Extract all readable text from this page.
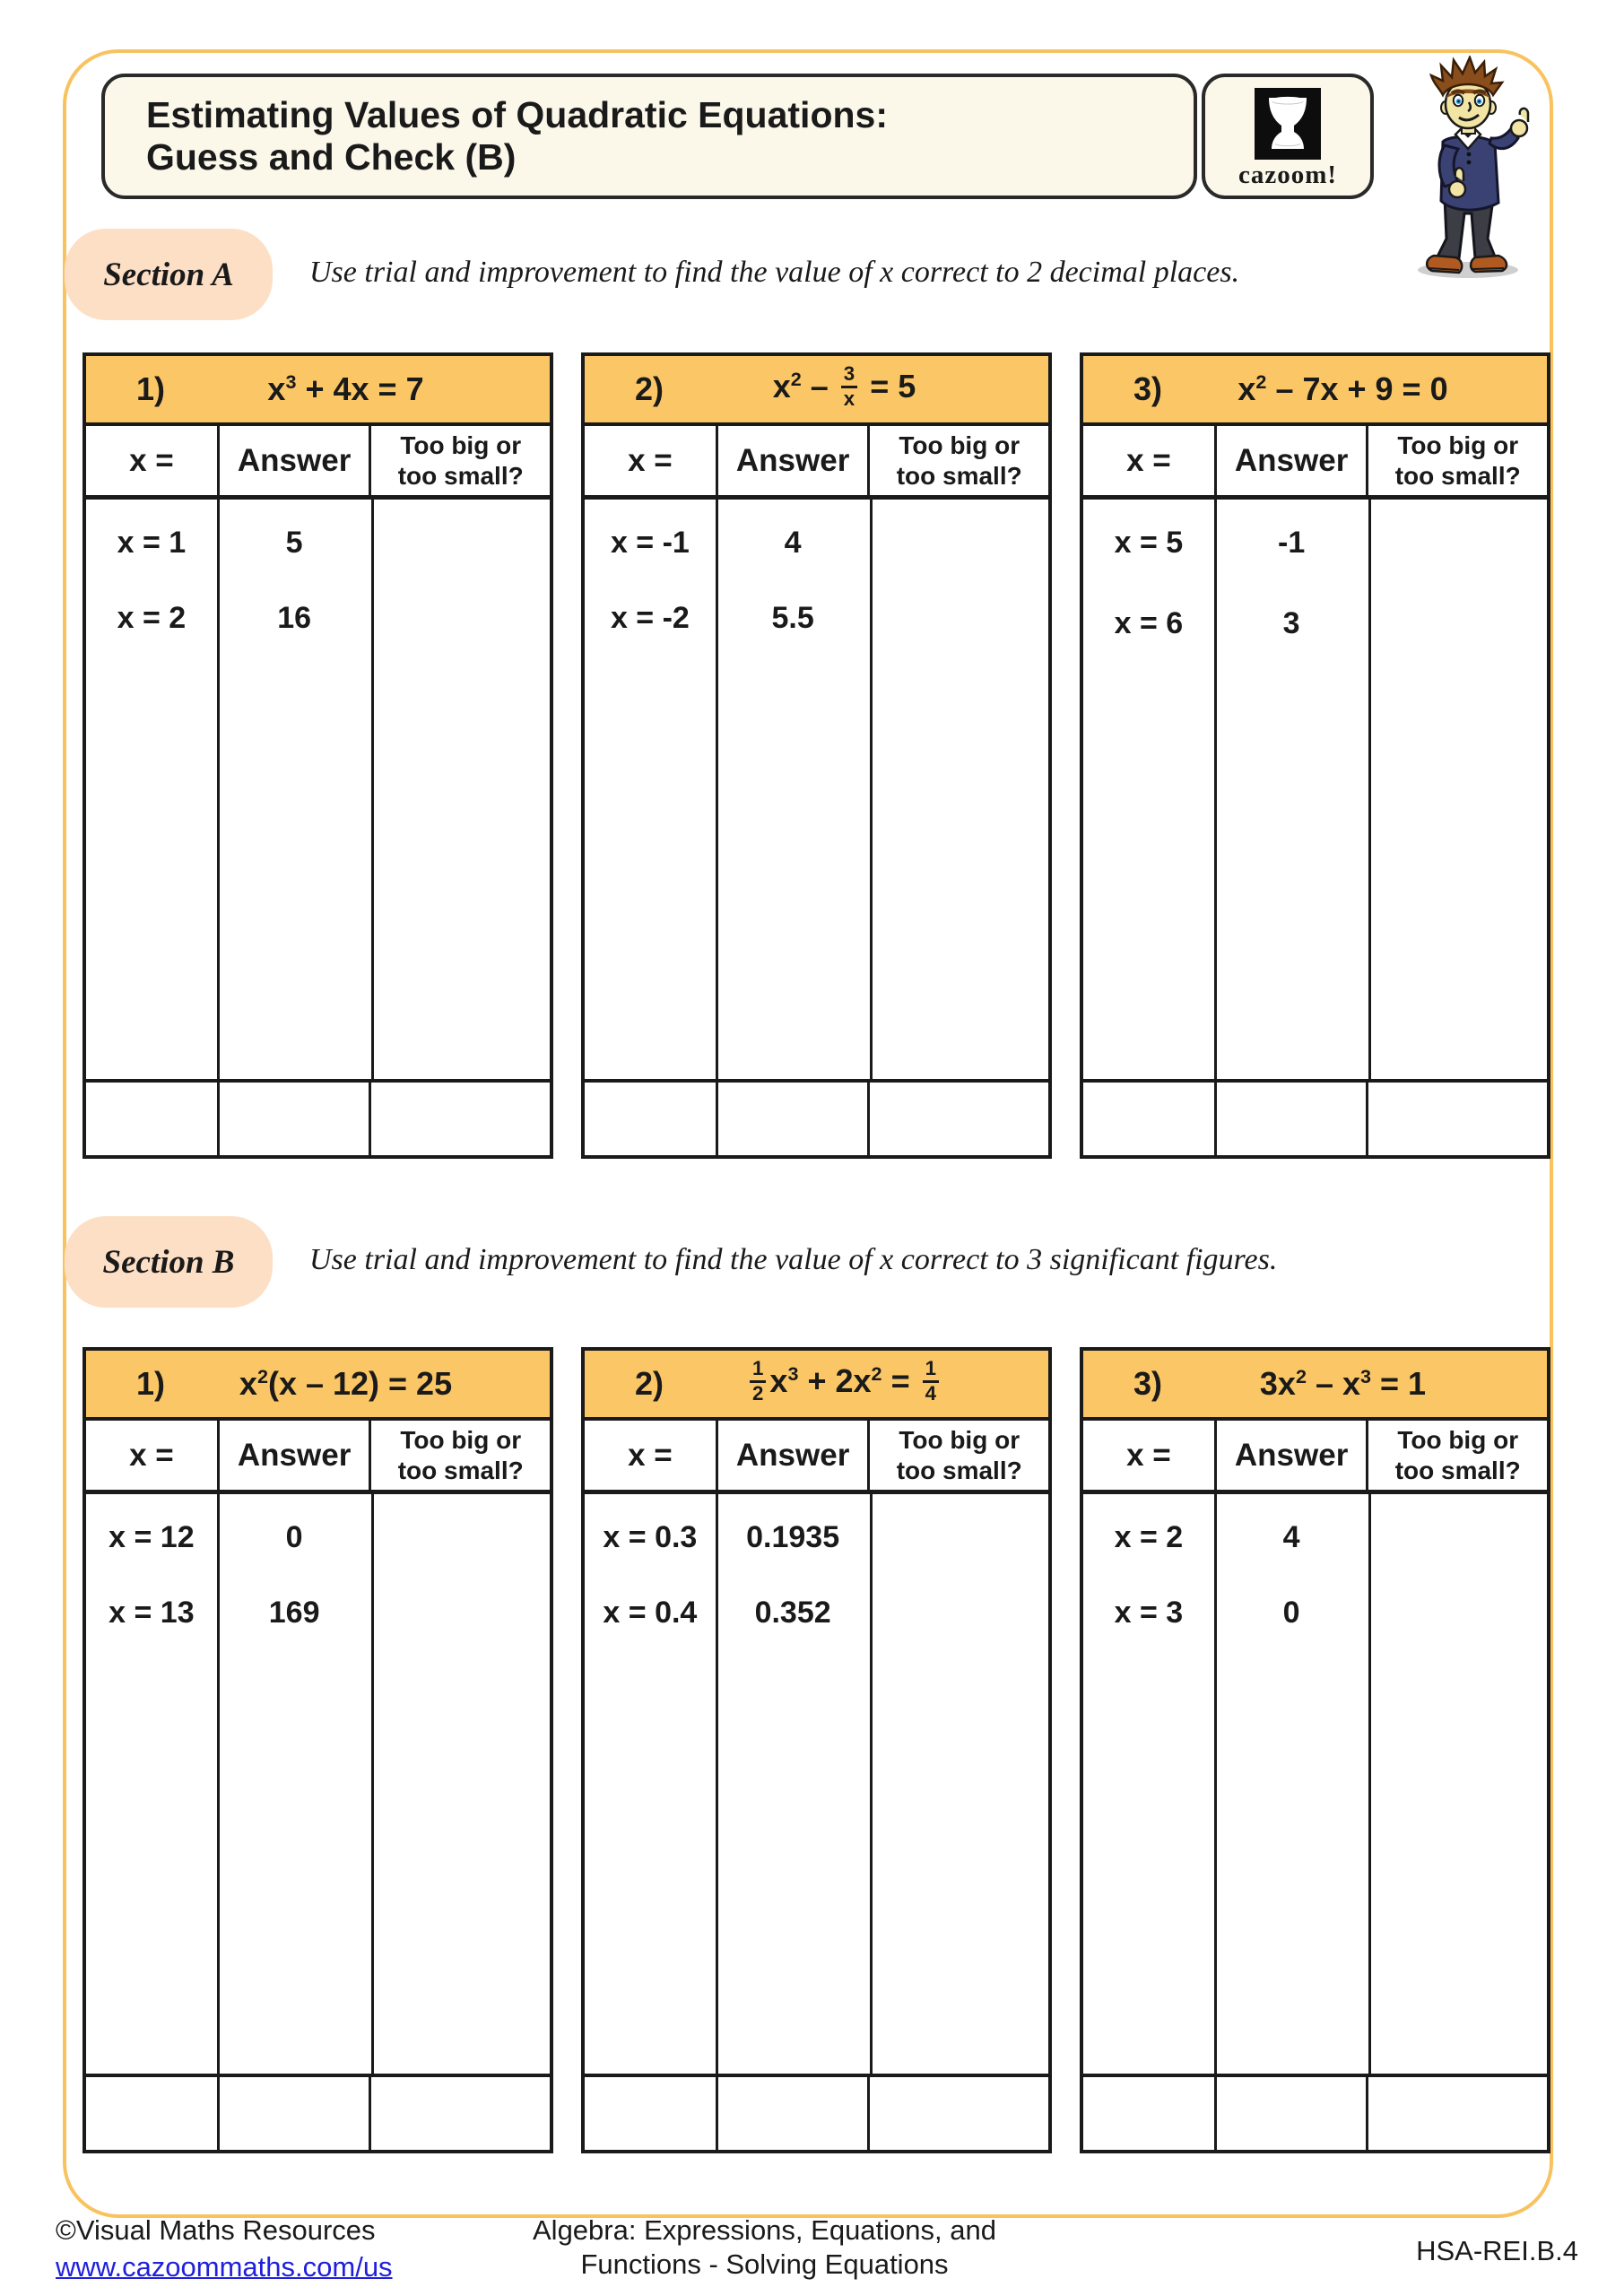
Estimating Values of Quadratic Equations:
Guess and Check (B)	cazoom!
Section A Use trial and improvement to find the value of x correct to 2 decimal places.
1)	$x^3 + 4x = 7$
x =	Answer	Too big or too small?
x = 1	5
x = 2	16
2)	$x^2 - \frac{3}{x} = 5$
x =	Answer	Too big or too small?
x = -1	4
x = -2	5.5
3)	$x^2 - 7x + 9 = 0$
x =	Answer	Too big or too small?
x = 5	-1
x = 6	3
Section B Use trial and improvement to find the value of x correct to 3 significant figures.
1)	$x^2(x - 12) = 25$
x =	Answer	Too big or too small?
x = 12	0
x = 13	169
2)	$\frac{1}{2} x^3 + 2x^2 = \frac{1}{4}$
x =	Answer	Too big or too small?
x = 0.3	0.1935
x = 0.4	0.352
3)	$3x^2 - x^3 = 1$
x =	Answer	Too big or too small?
x = 2	4
x = 3	0
©Visual Maths Resources
www.cazoommaths.com/us
Algebra: Expressions, Equations, and
Functions - Solving Equations	HSA-REI.B.4
